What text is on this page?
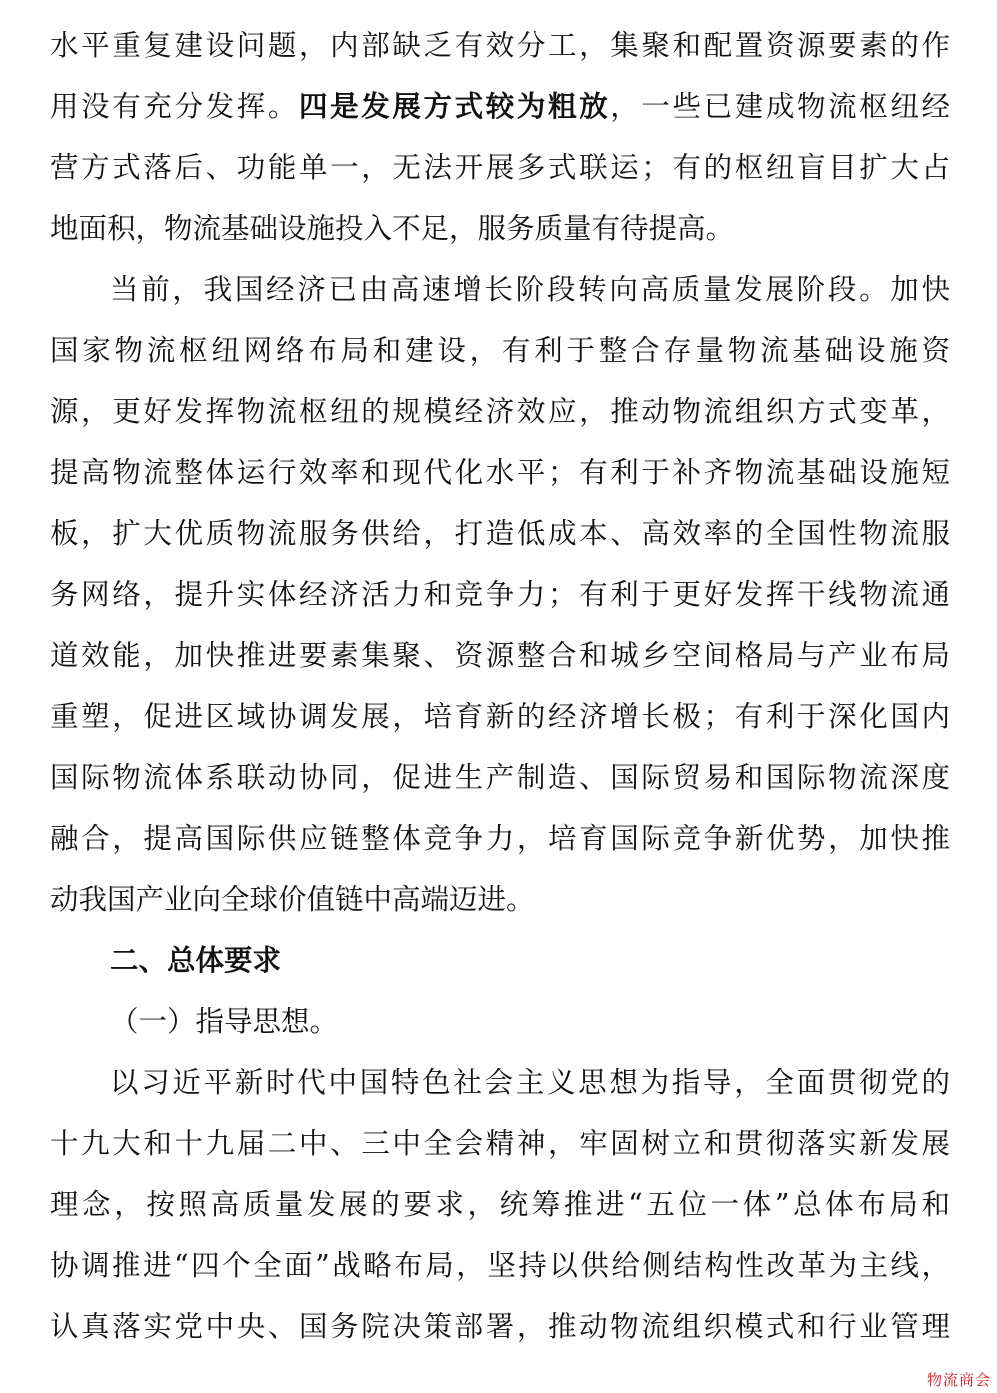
水平重复建设问题，内部缺乏有效分工，集聚和配置资源要素的作
用没有充分发挥。四是发展方式较为粗放，一些已建成物流枢纽经
营方式落后、功能单一，无法开展多式联运；有的枢纽盲目扩大占
地面积，物流基础设施投入不足，服务质量有待提高。
当前，我国经济已由高速增长阶段转向高质量发展阶段。加快
国家物流枢纽网络布局和建设，有利于整合存量物流基础设施资
源，更好发挥物流枢纽的规模经济效应，推动物流组织方式变革，
提高物流整体运行效率和现代化水平；有利于补齐物流基础设施短
板，扩大优质物流服务供给，打造低成本、高效率的全国性物流服
务网络，提升实体经济活力和竞争力；有利于更好发挥干线物流通
道效能，加快推进要素集聚、资源整合和城乡空间格局与产业布局
重塑，促进区域协调发展，培育新的经济增长极；有利于深化国内
国际物流体系联动协同，促进生产制造、国际贸易和国际物流深度
融合，提高国际供应链整体竞争力，培育国际竞争新优势，加快推
动我国产业向全球价值链中高端迈进。
二、总体要求
（一）指导思想。
以习近平新时代中国特色社会主义思想为指导，全面贯彻党的
十九大和十九届二中、三中全会精神，牢固树立和贯彻落实新发展
理念，按照高质量发展的要求，统筹推进“五位一体”总体布局和
协调推进“四个全面”战略布局，坚持以供给侧结构性改革为主线，
认真落实党中央、国务院决策部署，推动物流组织模式和行业管理
物流商会
